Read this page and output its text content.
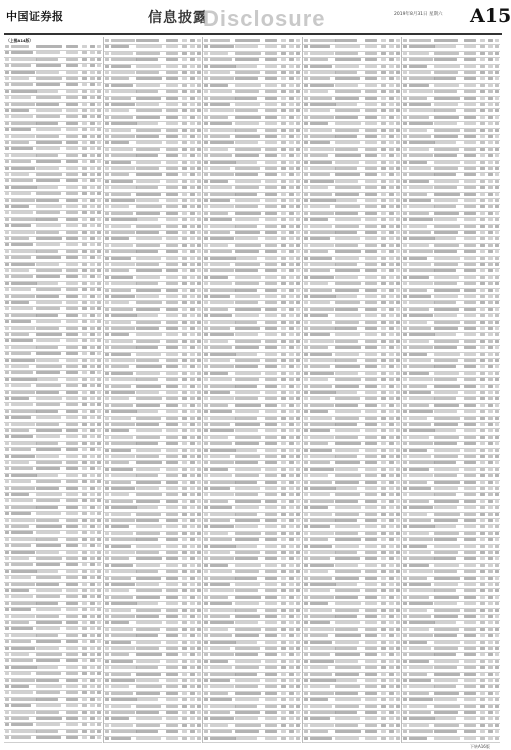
中国证券报	信息披露
Disclosure	2019年8月31日 星期六 A15
（上接A14版）
下转A16版
